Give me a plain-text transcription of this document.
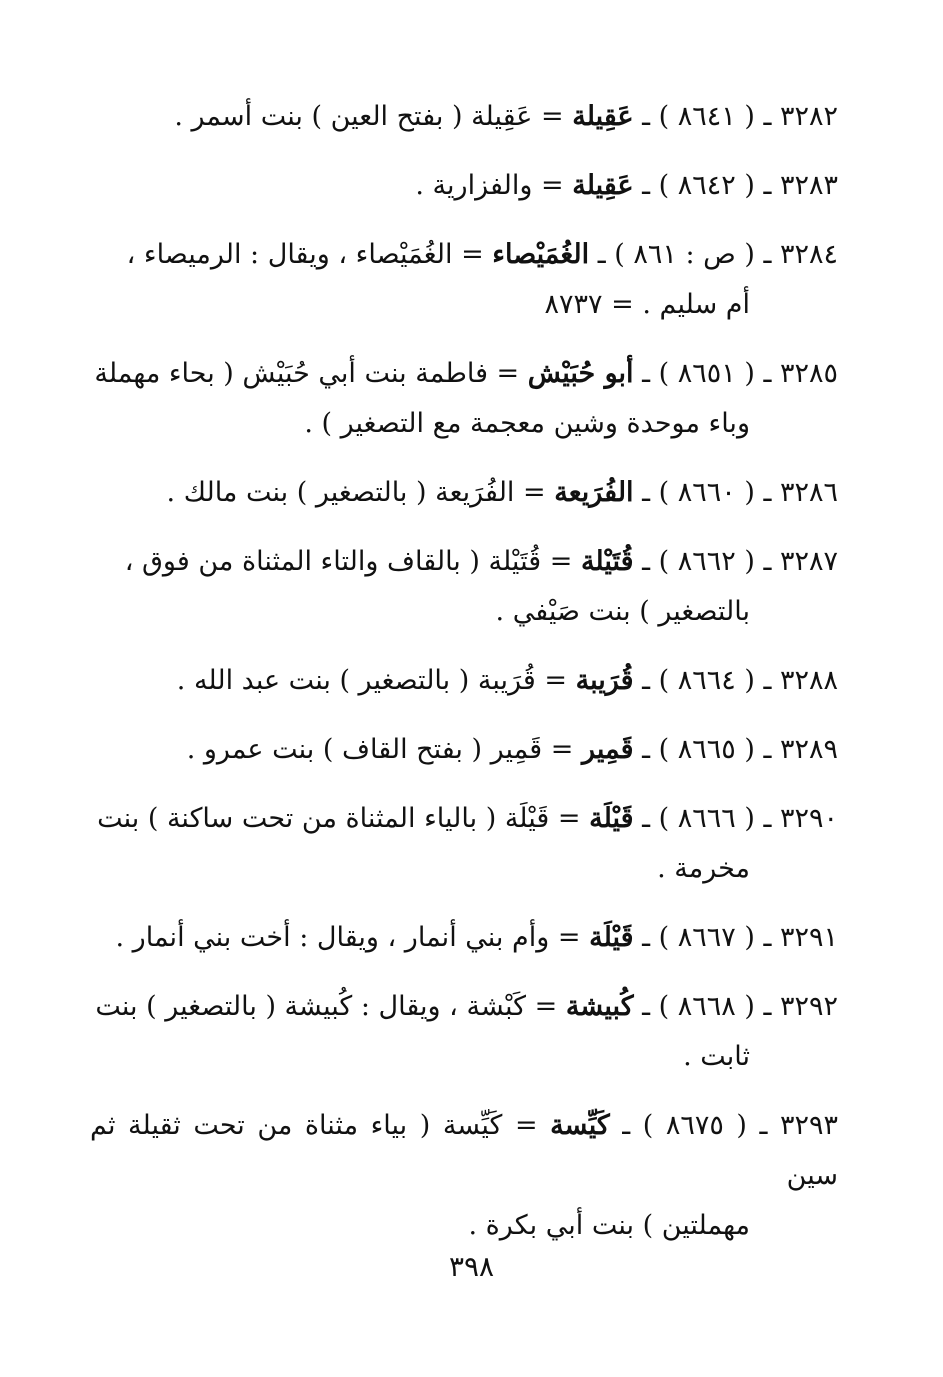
٣٢٨٢ ـ ( ٨٦٤١ ) ـ عَقِيلة = عَقِيلة ( بفتح العين ) بنت أسمر .
٣٢٨٣ ـ ( ٨٦٤٢ ) ـ عَقِيلة = والفزارية .
٣٢٨٤ ـ ( ص : ٨٦١ ) ـ الغُمَيْصاء = الغُمَيْصاء ، ويقال : الرميصاء ،
أم سليم . = ٨٧٣٧
٣٢٨٥ ـ ( ٨٦٥١ ) ـ أبو حُبَيْش = فاطمة بنت أبي حُبَيْش ( بحاء مهملة
وباء موحدة وشين معجمة مع التصغير ) .
٣٢٨٦ ـ ( ٨٦٦٠ ) ـ الفُرَيعة = الفُرَيعة ( بالتصغير ) بنت مالك .
٣٢٨٧ ـ ( ٨٦٦٢ ) ـ قُتَيْلة = قُتَيْلة ( بالقاف والتاء المثناة من فوق ،
بالتصغير ) بنت صَيْفي .
٣٢٨٨ ـ ( ٨٦٦٤ ) ـ قُرَيبة = قُرَيبة ( بالتصغير ) بنت عبد الله .
٣٢٨٩ ـ ( ٨٦٦٥ ) ـ قَمِير = قَمِير ( بفتح القاف ) بنت عمرو .
٣٢٩٠ ـ ( ٨٦٦٦ ) ـ قَيْلَة = قَيْلَة ( بالياء المثناة من تحت ساكنة ) بنت
مخرمة .
٣٢٩١ ـ ( ٨٦٦٧ ) ـ قَيْلَة = وأم بني أنمار ، ويقال : أخت بني أنمار .
٣٢٩٢ ـ ( ٨٦٦٨ ) ـ كُبيشة = كَبْشة ، ويقال : كُبيشة ( بالتصغير ) بنت
ثابت .
٣٢٩٣ ـ ( ٨٦٧٥ ) ـ كَيِّسة = كَيِّسة ( بياء مثناة من تحت ثقيلة ثم سين
مهملتين ) بنت أبي بكرة .
٣٩٨
